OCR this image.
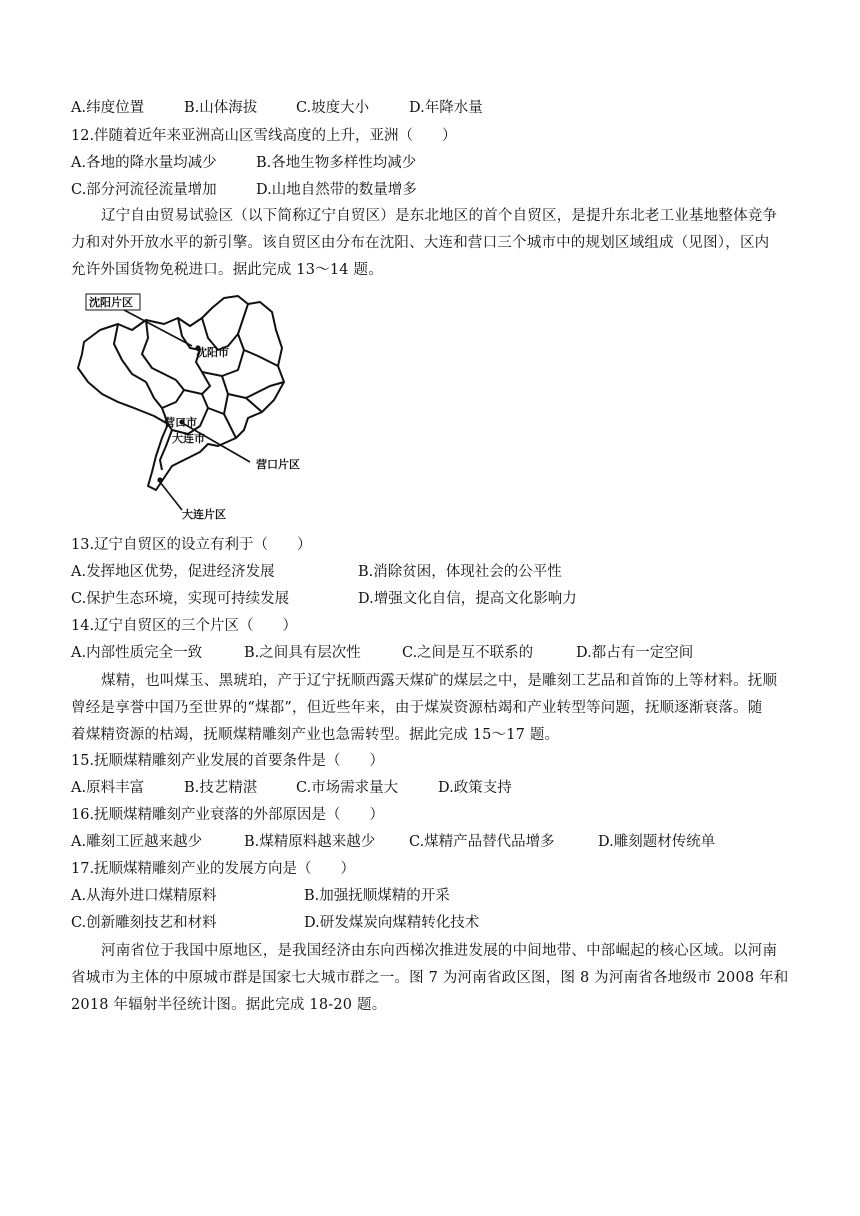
A.纬度位置	B.山体海拔	C.坡度大小	D.年降水量
12.伴随着近年来亚洲高山区雪线高度的上升，亚洲（　　）
A.各地的降水量均减少	B.各地生物多样性均减少
C.部分河流径流量增加	D.山地自然带的数量增多
辽宁自由贸易试验区（以下简称辽宁自贸区）是东北地区的首个自贸区，是提升东北老工业基地整体竞争
力和对外开放水平的新引擎。该自贸区由分布在沈阳、大连和营口三个城市中的规划区域组成（见图），区内
允许外国货物免税进口。据此完成 13～14 题。
沈阳片区
沈阳市
营口市
大连市
营口片区
大连片区
13.辽宁自贸区的设立有利于（　　）
A.发挥地区优势，促进经济发展	B.消除贫困，体现社会的公平性
C.保护生态环境，实现可持续发展	D.增强文化自信，提高文化影响力
14.辽宁自贸区的三个片区（　　）
A.内部性质完全一致	B.之间具有层次性	C.之间是互不联系的	D.都占有一定空间
煤精，也叫煤玉、黑琥珀，产于辽宁抚顺西露天煤矿的煤层之中，是雕刻工艺品和首饰的上等材料。抚顺
曾经是享誉中国乃至世界的“煤都”，但近些年来，由于煤炭资源枯竭和产业转型等问题，抚顺逐渐衰落。随
着煤精资源的枯竭，抚顺煤精雕刻产业也急需转型。据此完成 15～17 题。
15.抚顺煤精雕刻产业发展的首要条件是（　　）
A.原料丰富	B.技艺精湛	C.市场需求量大	D.政策支持
16.抚顺煤精雕刻产业衰落的外部原因是（　　）
A.雕刻工匠越来越少	B.煤精原料越来越少 C.煤精产品替代品增多	D.雕刻题材传统单
17.抚顺煤精雕刻产业的发展方向是（　　）
A.从海外进口煤精原料	B.加强抚顺煤精的开采
C.创新雕刻技艺和材料	D.研发煤炭向煤精转化技术
河南省位于我国中原地区，是我国经济由东向西梯次推进发展的中间地带、中部崛起的核心区域。以河南
省城市为主体的中原城市群是国家七大城市群之一。图 7 为河南省政区图，图 8 为河南省各地级市 2008 年和
2018 年辐射半径统计图。据此完成 18-20 题。
